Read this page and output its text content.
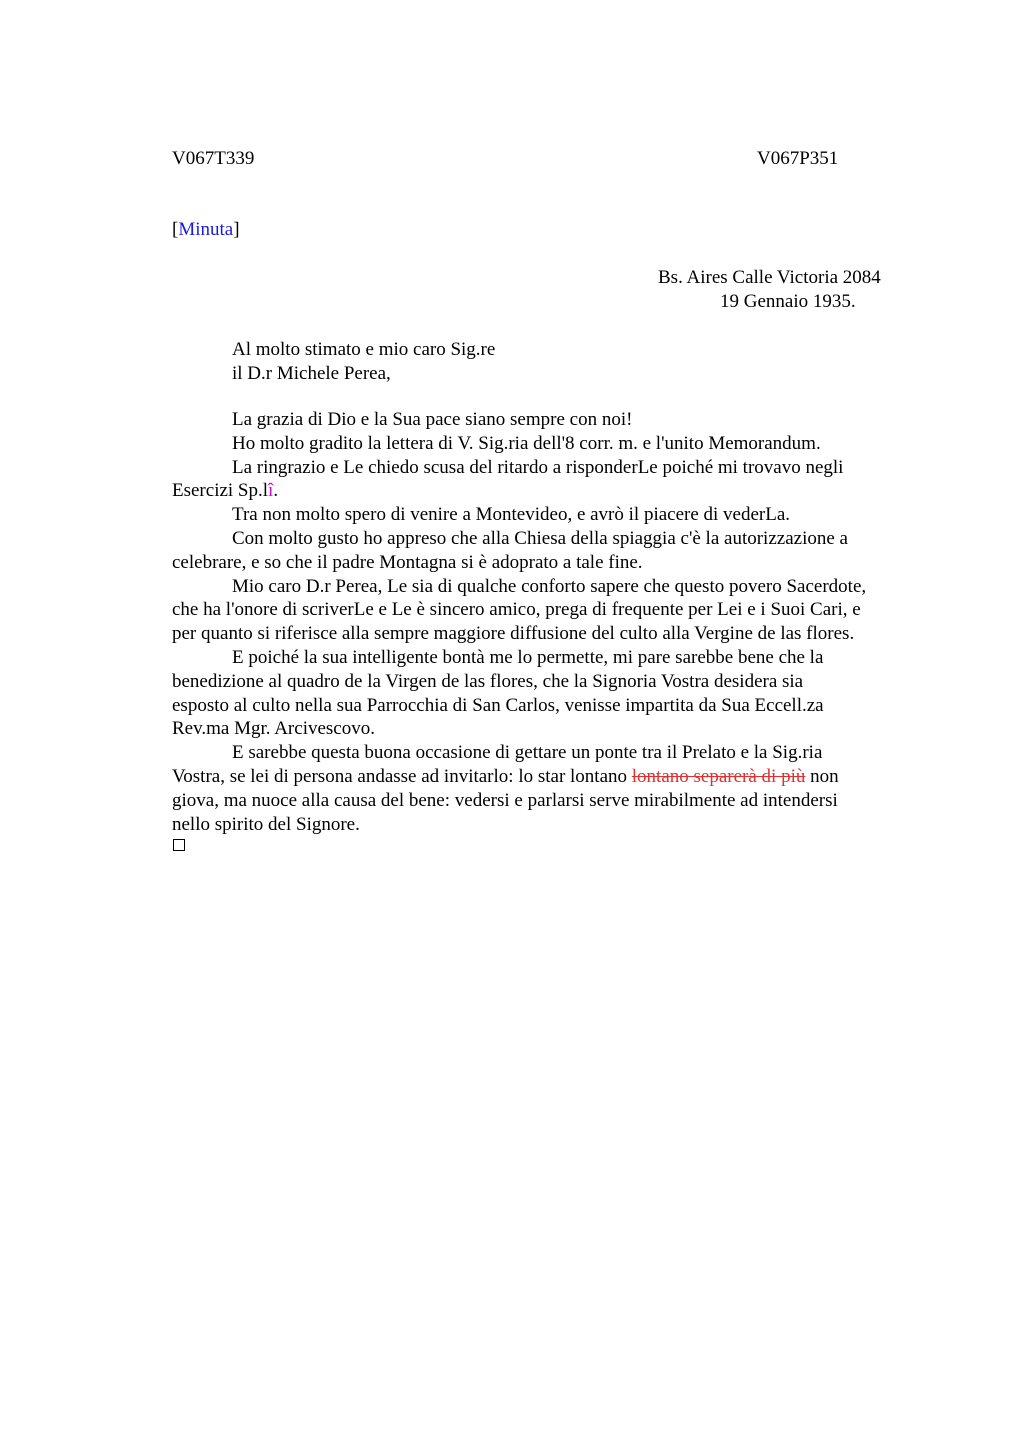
V067T339	V067P351
[Minuta]
Bs. Aires Calle Victoria 2084
19 Gennaio 1935.
Al molto stimato e mio caro Sig.re
il D.r Michele Perea,
La grazia di Dio e la Sua pace siano sempre con noi!
Ho molto gradito la lettera di V. Sig.ria dell'8 corr. m. e l'unito Memorandum.
La ringrazio e Le chiedo scusa del ritardo a risponderLe poiché mi trovavo negli
Esercizi Sp.lî.
Tra non molto spero di venire a Montevideo, e avrò il piacere di vederLa.
Con molto gusto ho appreso che alla Chiesa della spiaggia c'è la autorizzazione a
celebrare, e so che il padre Montagna si è adoprato a tale fine.
Mio caro D.r Perea, Le sia di qualche conforto sapere che questo povero Sacerdote,
che ha l'onore di scriverLe e Le è sincero amico, prega di frequente per Lei e i Suoi Cari, e
per quanto si riferisce alla sempre maggiore diffusione del culto alla Vergine de las flores.
E poiché la sua intelligente bontà me lo permette, mi pare sarebbe bene che la
benedizione al quadro de la Virgen de las flores, che la Signoria Vostra desidera sia
esposto al culto nella sua Parrocchia di San Carlos, venisse impartita da Sua Eccell.za
Rev.ma Mgr. Arcivescovo.
E sarebbe questa buona occasione di gettare un ponte tra il Prelato e la Sig.ria
Vostra, se lei di persona andasse ad invitarlo: lo star lontano lontano separerà di più non
giova, ma nuoce alla causa del bene: vedersi e parlarsi serve mirabilmente ad intendersi
nello spirito del Signore.
